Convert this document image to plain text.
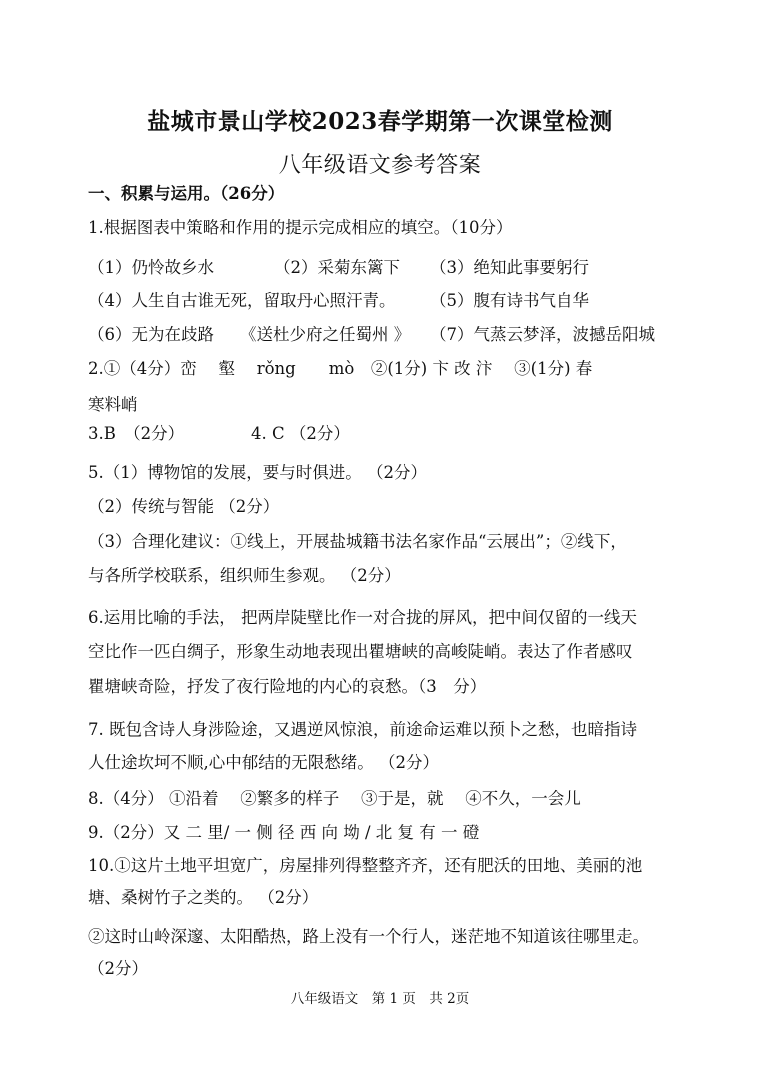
盐城市景山学校2023春学期第一次课堂检测
八年级语文参考答案
一、积累与运用。（26分）
1.根据图表中策略和作用的提示完成相应的填空。（10分）
（1）仍怜故乡水	（2）采菊东篱下	（3）绝知此事要躬行
（4）人生自古谁无死，留取丹心照汗青。	（5）腹有诗书气自华
（6）无为在歧路	《送杜少府之任蜀州 》	（7）气蒸云梦泽，波撼岳阳城
2.①（4分）峦　 壑　 rǒng　　mò　②(1分) 卞 改 汴　 ③(1分) 春
寒料峭
3.B　（2分）	4. C （2分）
5.（1）博物馆的发展，要与时俱进。 （2分）
（2）传统与智能 （2分）
（3）合理化建议：①线上，开展盐城籍书法名家作品“云展出”；②线下，
与各所学校联系，组织师生参观。 （2分）
6.运用比喻的手法， 把两岸陡壁比作一对合拢的屏风，把中间仅留的一线天
空比作一匹白绸子，形象生动地表现出瞿塘峡的高峻陡峭。表达了作者感叹
瞿塘峡奇险，抒发了夜行险地的内心的哀愁。（3　分）
7. 既包含诗人身涉险途，又遇逆风惊浪，前途命运难以预卜之愁，也暗指诗
人仕途坎坷不顺,心中郁结的无限愁绪。 （2分）
8.（4分） ①沿着　 ②繁多的样子　 ③于是，就　 ④不久，一会儿
9.（2分）又 二 里/ 一 侧 径 西 向 坳 / 北 复 有 一 磴
10.①这片土地平坦宽广，房屋排列得整整齐齐，还有肥沃的田地、美丽的池
塘、桑树竹子之类的。 （2分）
②这时山岭深邃、太阳酷热，路上没有一个行人，迷茫地不知道该往哪里走。
（2分）
八年级语文　第 1 页　共 2页
